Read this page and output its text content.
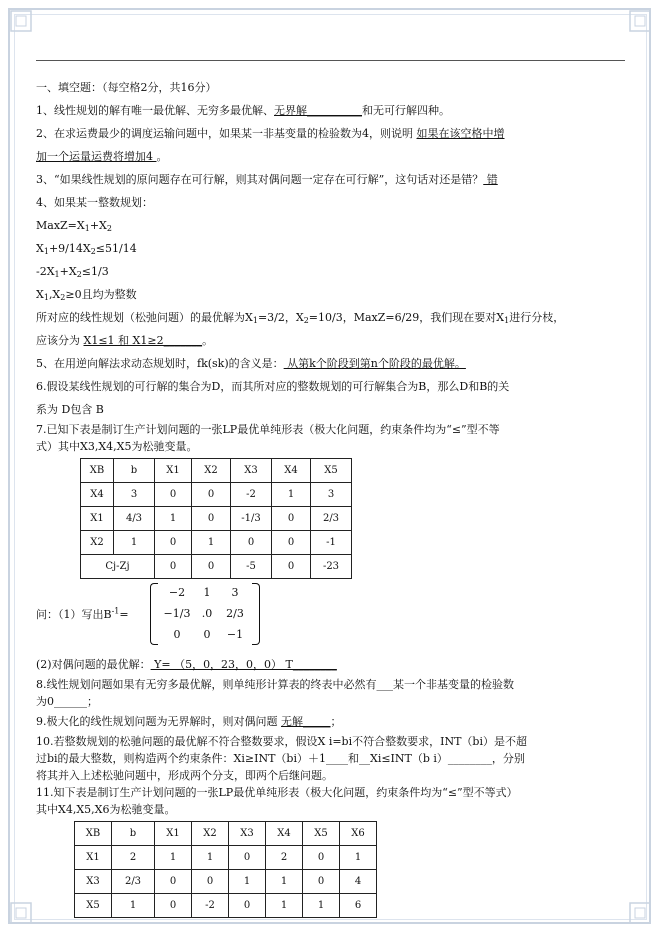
一、填空题：（每空格2分，共16分）
1、线性规划的解有唯一最优解、无穷多最优解、无界解__________和无可行解四种。
2、在求运费最少的调度运输问题中，如果某一非基变量的检验数为4，则说明 如果在该空格中增
加一个运量运费将增加4 。
3、“如果线性规划的原问题存在可行解，则其对偶问题一定存在可行解”，这句话对还是错？ 错
4、如果某一整数规划：
$MaxZ=X_1+X_2$
$X_1+9/14X_2\le 51/14$
$-2X_1+X_2\le 1/3$
$X_1,X_2\ge 0$且均为整数
所对应的线性规划（松弛问题）的最优解为$X_1=3/2$，$X_2=10/3$，MaxZ=6/29，我们现在要对$X_1$进行分枝，
应该分为 X1≤1 和 X1≥2_______。
5、在用逆向解法求动态规划时，fk(sk)的含义是： 从第k个阶段到第n个阶段的最优解。
6.假设某线性规划的可行解的集合为D，而其所对应的整数规划的可行解集合为B，那么D和B的关
系为 D包含 B
7.已知下表是制订生产计划问题的一张LP最优单纯形表（极大化问题，约束条件均为“≤”型不等
式）其中X3,X4,X5为松驰变量。
XB	b	X1	X2	X3	X4	X5
X4	3	0	0	-2	1	3
X1	4/3	1	0	-1/3	0	2/3
X2	1	0	1	0	0	-1
Cj-Zj		0	0	-5	0	-23
问：（1）写出$B^{-1}=$
−2	1	3
−1/3	.0	2/3
0	0	−1
(2)对偶问题的最优解： Y= （5，0，23，0，0） T________
8.线性规划问题如果有无穷多最优解，则单纯形计算表的终表中必然有___某一个非基变量的检验数
为0______；
9.极大化的线性规划问题为无界解时，则对偶问题 无解_____；
10.若整数规划的松驰问题的最优解不符合整数要求，假设X i=bi不符合整数要求，INT（bi）是不超
过bi的最大整数，则构造两个约束条件：Xi≥INT（bi）＋1____和__Xi≤INT（b i）________，分别
将其并入上述松驰问题中，形成两个分支，即两个后继问题。
11.知下表是制订生产计划问题的一张LP最优单纯形表（极大化问题，约束条件均为“≤”型不等式）
其中X4,X5,X6为松驰变量。
XB	b	X1	X2	X3	X4	X5	X6
X1	2	1	1	0	2	0	1
X3	2/3	0	0	1	1	0	4
X5	1	0	-2	0	1	1	6
